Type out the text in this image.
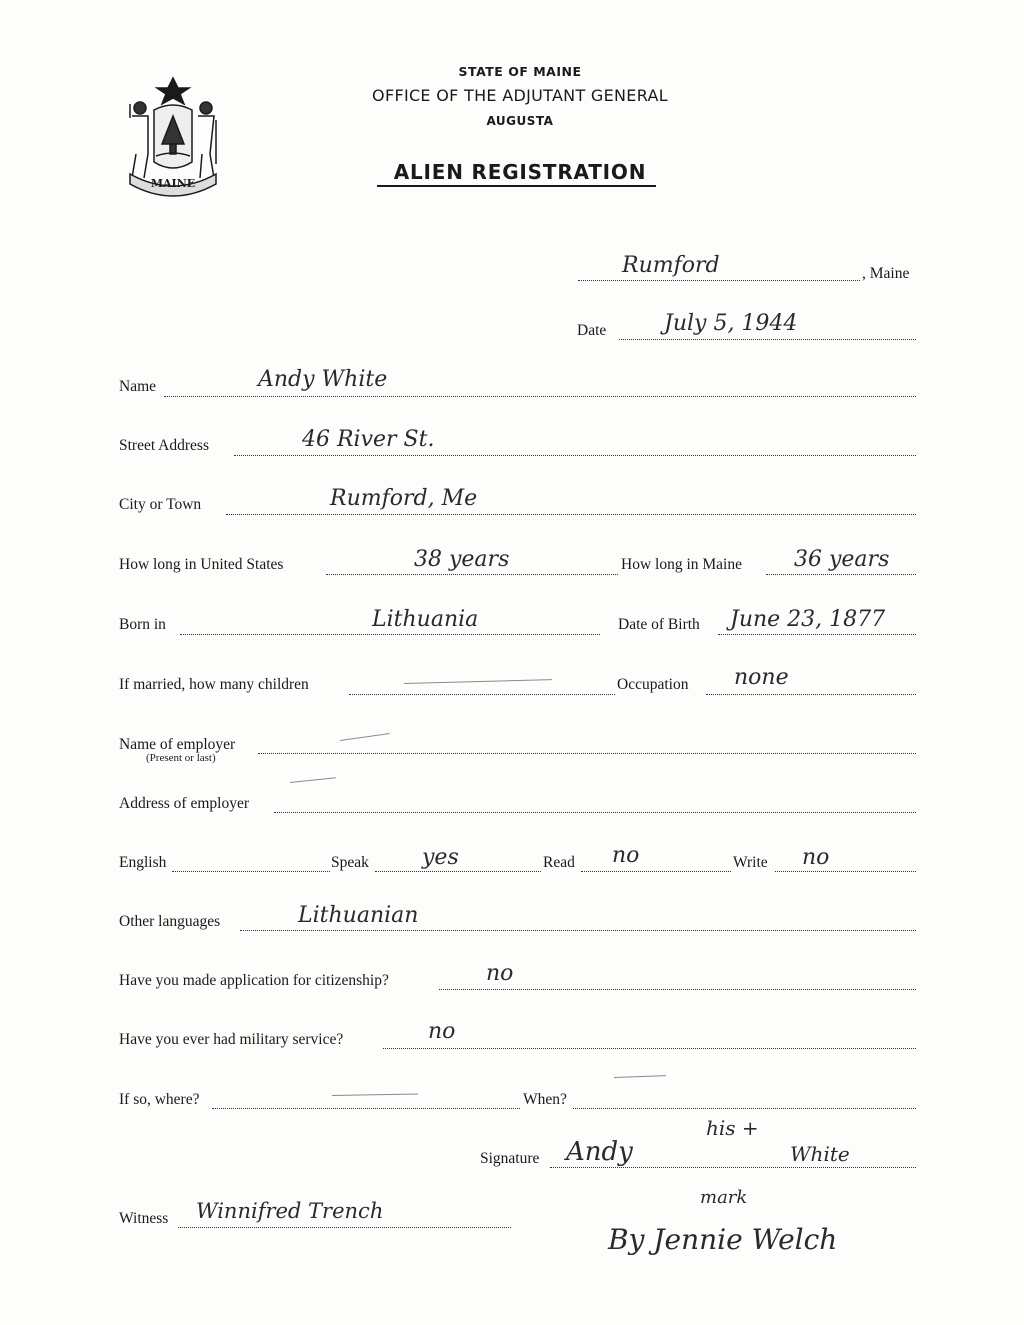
MAINE
STATE OF MAINE
OFFICE OF THE ADJUTANT GENERAL
AUGUSTA
ALIEN REGISTRATION
Rumford	, Maine
Date	July 5, 1944
Name	Andy White
Street Address	46 River St.
City or Town	Rumford, Me
How long in United States	38 years	How long in Maine 36 years
Born in	Lithuania	Date of Birth June 23, 1877
If married, how many children	Occupation none
Name of employer
(Present or last)
Address of employer
English	Speak yes	Read no	Write no
Other languages	Lithuanian
Have you made application for citizenship?	no
Have you ever had military service?	no
If so, where?	When?
his +
Signature Andy	White
mark
By Jennie Welch
Witness Winnifred Trench
